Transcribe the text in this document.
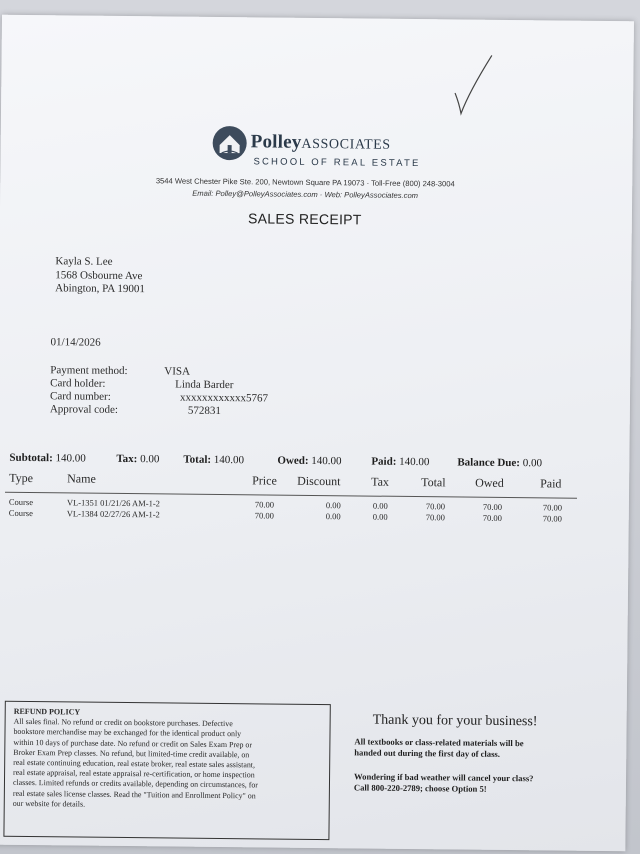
PolleyASSOCIATES
SCHOOL OF REAL ESTATE
3544 West Chester Pike Ste. 200, Newtown Square PA 19073 · Toll-Free (800) 248-3004
Email: Polley@PolleyAssociates.com · Web: PolleyAssociates.com
SALES RECEIPT
Kayla S. Lee
1568 Osbourne Ave
Abington, PA 19001
01/14/2026
Payment method:	VISA
Card holder:	Linda Barder
Card number:	xxxxxxxxxxxx5767
Approval code:	572831
Subtotal: 140.00	Tax: 0.00 Total: 140.00	Owed: 140.00	Paid: 140.00	Balance Due: 0.00
Type	Name	Price Discount	Tax	Total Owed	Paid
Course	VL-1351 01/21/26 AM-1-2	70.00	0.00	0.00	70.00	70.00	70.00
Course	VL-1384 02/27/26 AM-1-2	70.00	0.00	0.00	70.00	70.00	70.00
REFUND POLICY
All sales final. No refund or credit on bookstore purchases. Defective
bookstore merchandise may be exchanged for the identical product only
within 10 days of purchase date. No refund or credit on Sales Exam Prep or
Broker Exam Prep classes. No refund, but limited-time credit available, on
real estate continuing education, real estate broker, real estate sales assistant,
real estate appraisal, real estate appraisal re-certification, or home inspection
classes. Limited refunds or credits available, depending on circumstances, for
real estate sales license classes. Read the "Tuition and Enrollment Policy" on
our website for details.
Thank you for your business!
All textbooks or class-related materials will be
handed out during the first day of class.
Wondering if bad weather will cancel your class?
Call 800-220-2789; choose Option 5!
